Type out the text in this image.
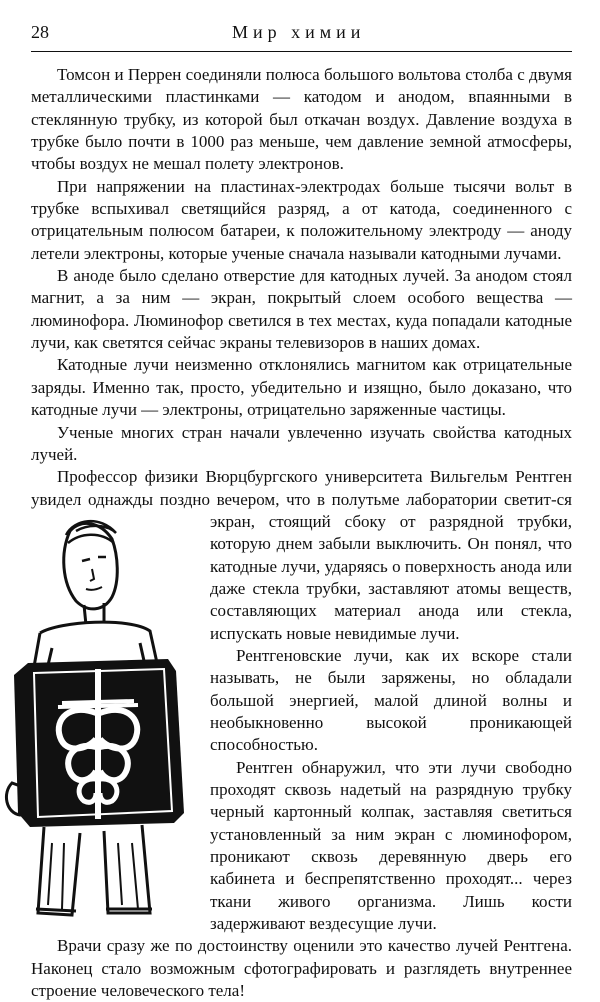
28	Мир химии

Томсон и Перрен соединяли полюса большого вольтова столба с двумя металлическими пластинками — катодом и анодом, впаянными в стеклянную трубку, из которой был откачан воздух. Давление воздуха в трубке было почти в 1000 раз меньше, чем давление земной атмосферы, чтобы воздух не мешал полету электронов.

При напряжении на пластинах-электродах больше тысячи вольт в трубке вспыхивал светящийся разряд, а от катода, соединенного с отрицательным полюсом батареи, к положительному электроду — аноду летели электроны, которые ученые сначала называли катодными лучами.

В аноде было сделано отверстие для катодных лучей. За анодом стоял магнит, а за ним — экран, покрытый слоем особого вещества — люминофора. Люминофор светился в тех местах, куда попадали катодные лучи, как светятся сейчас экраны телевизоров в наших домах.

Катодные лучи неизменно отклонялись магнитом как отрицательные заряды. Именно так, просто, убедительно и изящно, было доказано, что катодные лучи — электроны, отрицательно заряженные частицы.

Ученые многих стран начали увлеченно изучать свойства катодных лучей.

Профессор физики Вюрцбургского университета Вильгельм Рентген увидел однажды поздно вечером, что в полутьме лаборатории светит-
ся экран, стоящий сбоку от разрядной трубки, которую днем забыли выключить. Он понял, что катодные лучи, ударяясь о поверхность анода или даже стекла трубки, заставляют атомы веществ, составляющих материал анода или стекла, испускать новые невидимые лучи.

Рентгеновские лучи, как их вскоре стали называть, не были заряжены, но обладали большой энергией, малой длиной волны и необыкновенно высокой проникающей способностью.

Рентген обнаружил, что эти лучи свободно проходят сквозь надетый на разрядную трубку черный картонный колпак, заставляя светиться установленный за ним экран с люминофором, проникают сквозь деревянную дверь его кабинета и беспрепятственно проходят... через ткани живого организма. Лишь кости задерживают вездесущие лучи.

Врачи сразу же по достоинству оценили это качество лучей Рентгена. Наконец стало возможным сфотографировать и разглядеть внутреннее строение человеческого тела!
